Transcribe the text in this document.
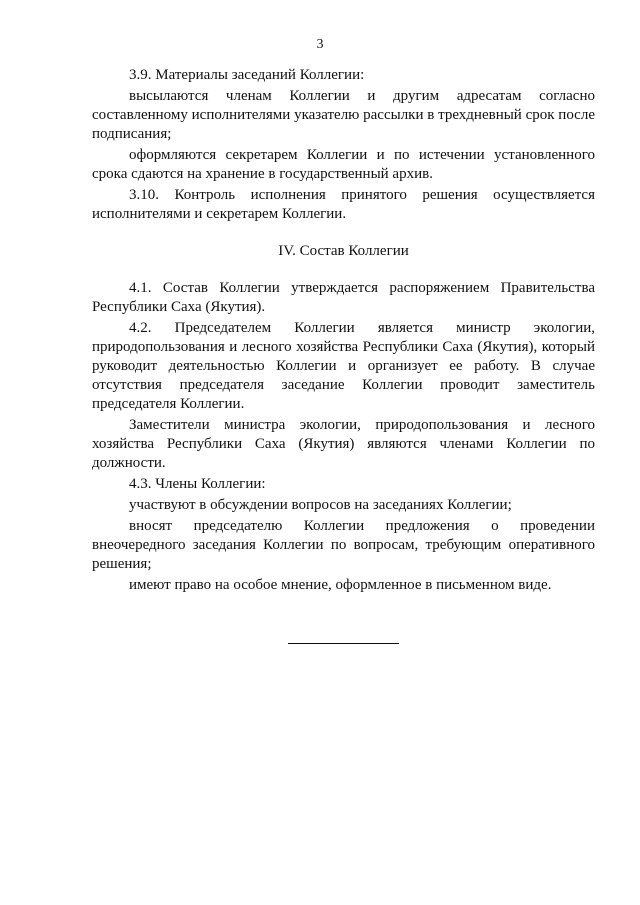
3

3.9. Материалы заседаний Коллегии:

высылаются членам Коллегии и другим адресатам согласно составленному исполнителями указателю рассылки в трехдневный срок после подписания;

оформляются секретарем Коллегии и по истечении установленного срока сдаются на хранение в государственный архив.

3.10. Контроль исполнения принятого решения осуществляется исполнителями и секретарем Коллегии.

IV. Состав Коллегии

4.1. Состав Коллегии утверждается распоряжением Правительства Республики Саха (Якутия).

4.2. Председателем Коллегии является министр экологии, природопользования и лесного хозяйства Республики Саха (Якутия), который руководит деятельностью Коллегии и организует ее работу. В случае отсутствия председателя заседание Коллегии проводит заместитель председателя Коллегии.

Заместители министра экологии, природопользования и лесного хозяйства Республики Саха (Якутия) являются членами Коллегии по должности.

4.3. Члены Коллегии:

участвуют в обсуждении вопросов на заседаниях Коллегии;

вносят председателю Коллегии предложения о проведении внеочередного заседания Коллегии по вопросам, требующим оперативного решения;

имеют право на особое мнение, оформленное в письменном виде.
